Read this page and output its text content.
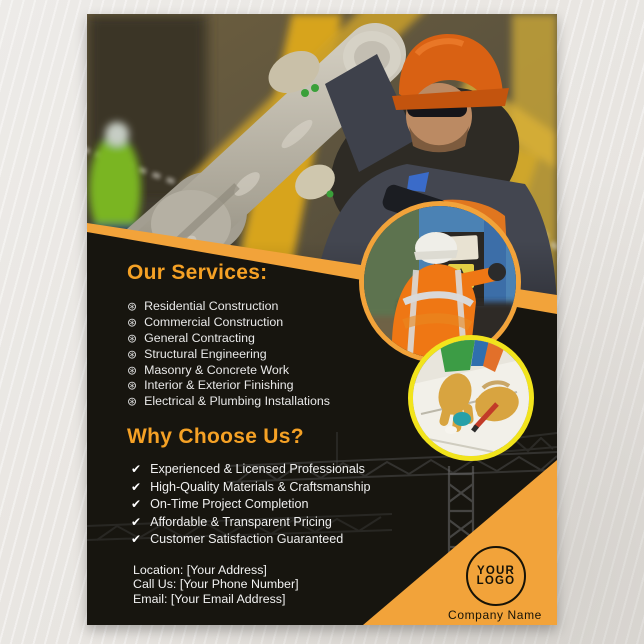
Our Services:
⊛ Residential Construction
⊛ Commercial Construction
⊛ General Contracting
⊛ Structural Engineering
⊛ Masonry & Concrete Work
⊛ Interior & Exterior Finishing
⊛ Electrical & Plumbing Installations
Why Choose Us?
✔ Experienced & Licensed Professionals
✔ High-Quality Materials & Craftsmanship
✔ On-Time Project Completion
✔ Affordable & Transparent Pricing
✔ Customer Satisfaction Guaranteed
Location: [Your Address]
Call Us: [Your Phone Number]
Email: [Your Email Address]
YOUR
LOGO
Company Name
